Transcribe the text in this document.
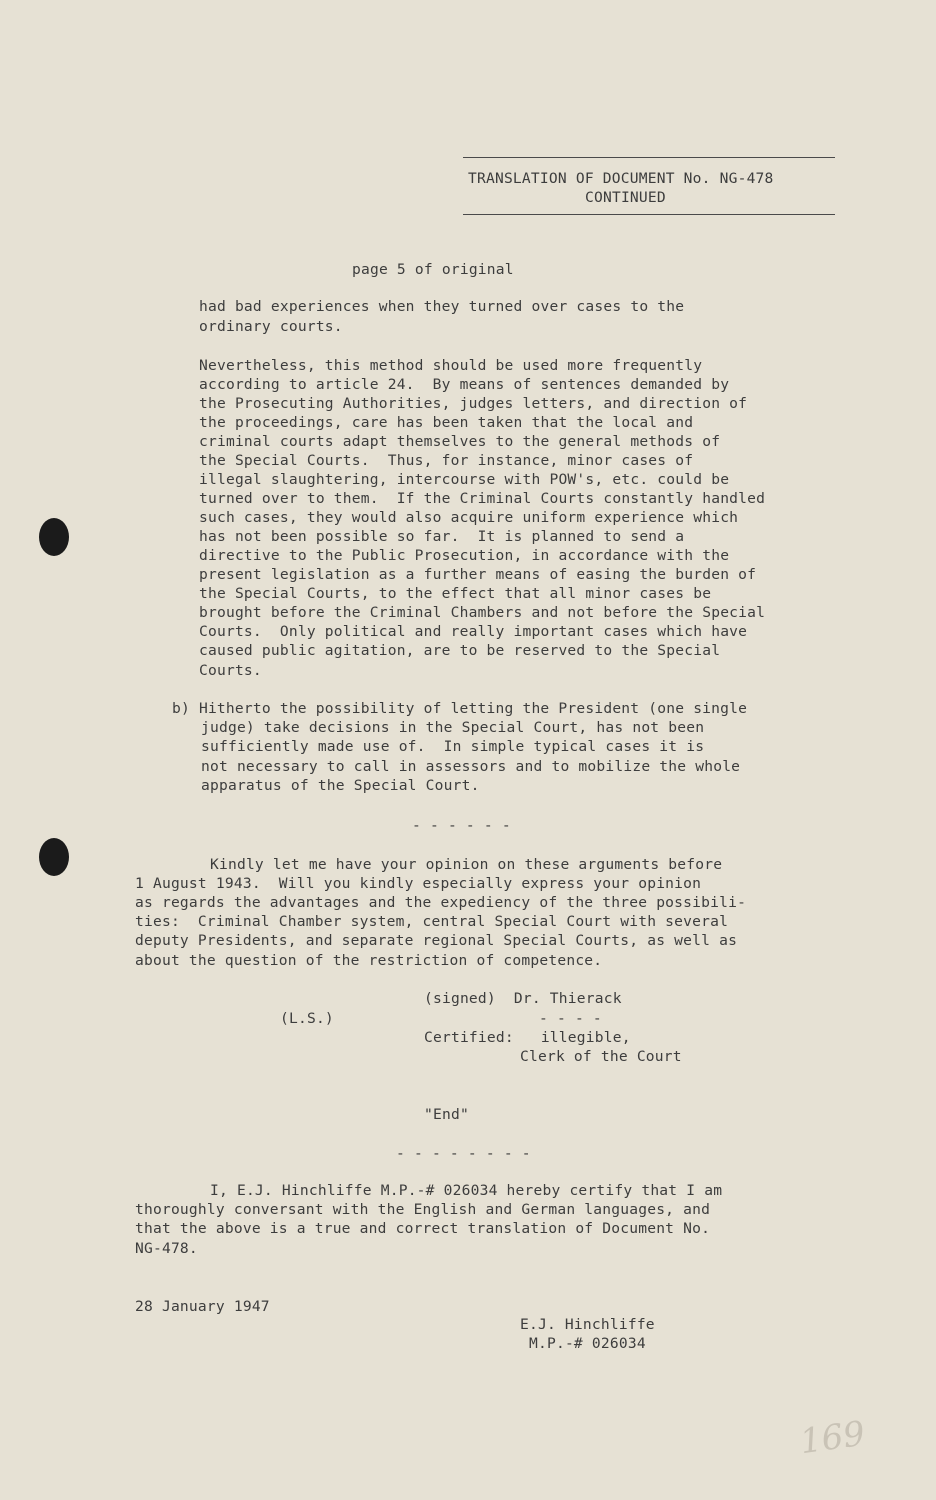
TRANSLATION OF DOCUMENT No. NG-478
CONTINUED
page 5 of original
had bad experiences when they turned over cases to the
ordinary courts.
Nevertheless, this method should be used more frequently
according to article 24.  By means of sentences demanded by
the Prosecuting Authorities, judges letters, and direction of
the proceedings, care has been taken that the local and
criminal courts adapt themselves to the general methods of
the Special Courts.  Thus, for instance, minor cases of
illegal slaughtering, intercourse with POW's, etc. could be
turned over to them.  If the Criminal Courts constantly handled
such cases, they would also acquire uniform experience which
has not been possible so far.  It is planned to send a
directive to the Public Prosecution, in accordance with the
present legislation as a further means of easing the burden of
the Special Courts, to the effect that all minor cases be
brought before the Criminal Chambers and not before the Special
Courts.  Only political and really important cases which have
caused public agitation, are to be reserved to the Special
Courts.
b) Hitherto the possibility of letting the President (one single
judge) take decisions in the Special Court, has not been
sufficiently made use of.  In simple typical cases it is
not necessary to call in assessors and to mobilize the whole
apparatus of the Special Court.
- - - - - -
Kindly let me have your opinion on these arguments before
1 August 1943.  Will you kindly especially express your opinion
as regards the advantages and the expediency of the three possibili-
ties:  Criminal Chamber system, central Special Court with several
deputy Presidents, and separate regional Special Courts, as well as
about the question of the restriction of competence.
(signed)  Dr. Thierack
(L.S.)	- - - -
Certified:   illegible,
Clerk of the Court
"End"
- - - - - - - -
I, E.J. Hinchliffe M.P.-# 026034 hereby certify that I am
thoroughly conversant with the English and German languages, and
that the above is a true and correct translation of Document No.
NG-478.
28 January 1947
E.J. Hinchliffe
M.P.-# 026034
169
